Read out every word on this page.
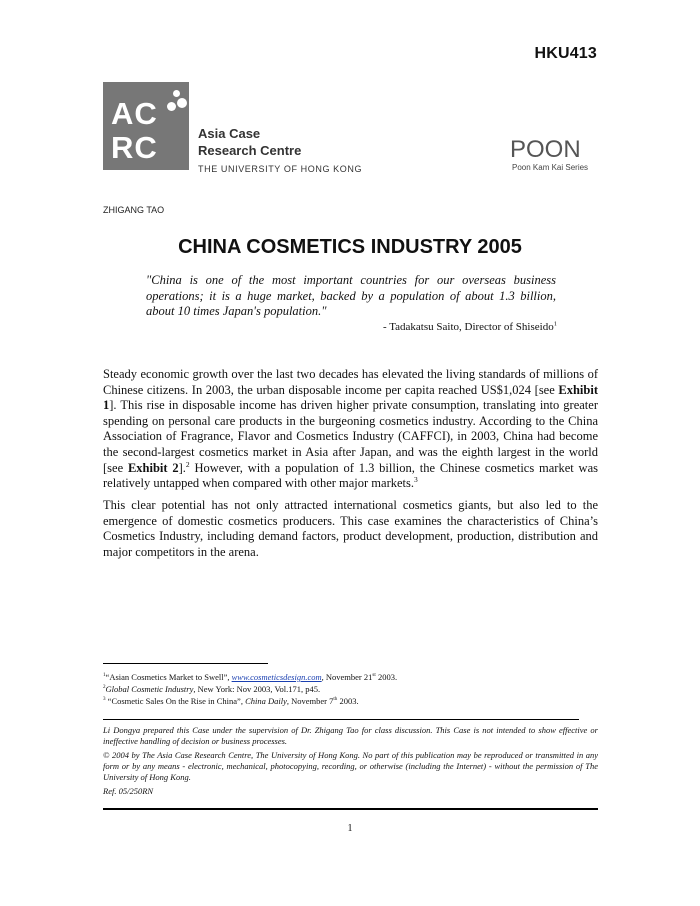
HKU413
AC
RC	Asia Case
Research Centre
THE UNIVERSITY OF HONG KONG
POON
Poon Kam Kai Series
ZHIGANG TAO
CHINA COSMETICS INDUSTRY 2005
"China is one of the most important countries for our overseas business operations; it is a huge market, backed by a population of about 1.3 billion, about 10 times Japan's population."
- Tadakatsu Saito, Director of Shiseido$^1$
Steady economic growth over the last two decades has elevated the living standards of millions of Chinese citizens. In 2003, the urban disposable income per capita reached US$1,024 [see Exhibit 1]. This rise in disposable income has driven higher private consumption, translating into greater spending on personal care products in the burgeoning cosmetics industry. According to the China Association of Fragrance, Flavor and Cosmetics Industry (CAFFCI), in 2003, China had become the second-largest cosmetics market in Asia after Japan, and was the eighth largest in the world [see Exhibit 2].$^2$ However, with a population of 1.3 billion, the Chinese cosmetics market was relatively untapped when compared with other major markets.$^3$
This clear potential has not only attracted international cosmetics giants, but also led to the emergence of domestic cosmetics producers. This case examines the characteristics of China’s Cosmetics Industry, including demand factors, product development, production, distribution and major competitors in the arena.
$^1$“Asian Cosmetics Market to Swell”, www.cosmeticsdesign.com, November 21st 2003.
$^2$Global Cosmetic Industry, New York: Nov 2003, Vol.171, p45.
$^3$ “Cosmetic Sales On the Rise in China”, China Daily, November 7th 2003.
Li Dongya prepared this Case under the supervision of Dr. Zhigang Tao for class discussion. This Case is not intended to show effective or ineffective handling of decision or business processes.
© 2004 by The Asia Case Research Centre, The University of Hong Kong. No part of this publication may be reproduced or transmitted in any form or by any means - electronic, mechanical, photocopying, recording, or otherwise (including the Internet) - without the permission of The University of Hong Kong.
Ref. 05/250RN
1
